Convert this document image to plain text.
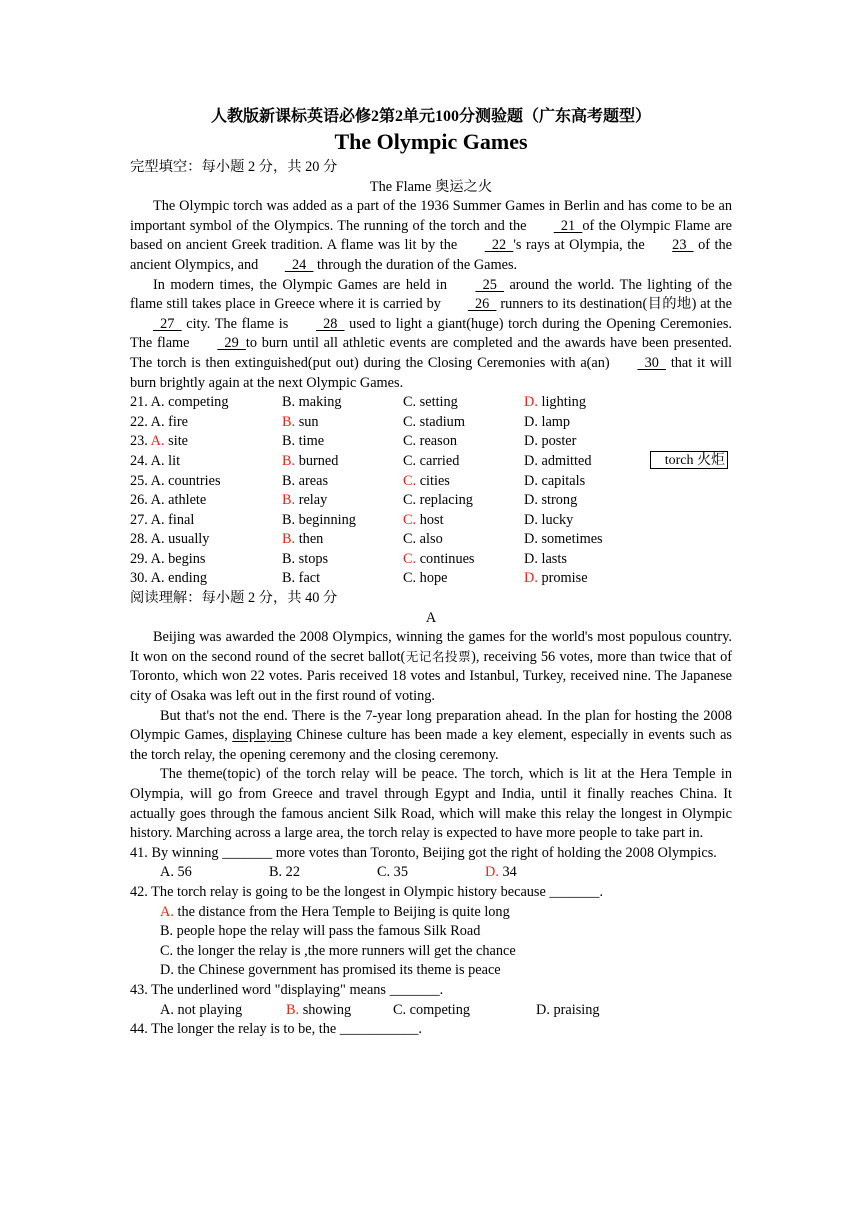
人教版新课标英语必修2第2单元100分测验题（广东高考题型）

The Olympic Games

完型填空：每小题 2 分，共 20 分

The Flame 奥运之火

The Olympic torch was added as a part of the 1936 Summer Games in Berlin and has come to be an important symbol of the Olympics. The running of the torch and the   21  of the Olympic Flame are based on ancient Greek tradition. A flame was lit by the   22  's rays at Olympia, the 23   of the ancient Olympics, and   24   through the duration of the Games.

In modern times, the Olympic Games are held in   25   around the world. The lighting of the flame still takes place in Greece where it is carried by   26   runners to its destination(目的地) at the   27   city. The flame is   28   used to light a giant(huge) torch during the Opening Ceremonies. The flame   29  to burn until all athletic events are completed and the awards have been presented. The torch is then extinguished(put out) during the Closing Ceremonies with a(an)   30   that it will burn brightly again at the next Olympic Games.

21. A. competing	B. making	C. setting	D. lighting
22. A. fire	B. sun	C. stadium	D. lamp
23. A. site	B. time	C. reason	D. poster
24. A. lit	B. burned	C. carried	D. admitted
25. A. countries	B. areas	C. cities	D. capitals
26. A. athlete	B. relay	C. replacing	D. strong
27. A. final	B. beginning	C. host	D. lucky
28. A. usually	B. then	C. also	D. sometimes
29. A. begins	B. stops	C. continues	D. lasts
30. A. ending	B. fact	C. hope	D. promise

阅读理解：每小题 2 分，共 40 分

A

Beijing was awarded the 2008 Olympics, winning the games for the world's most populous country. It won on the second round of the secret ballot(无记名投票), receiving 56 votes, more than twice that of Toronto, which won 22 votes. Paris received 18 votes and Istanbul, Turkey, received nine. The Japanese city of Osaka was left out in the first round of voting.

But that's not the end. There is the 7-year long preparation ahead. In the plan for hosting the 2008 Olympic Games, displaying Chinese culture has been made a key element, especially in events such as the torch relay, the opening ceremony and the closing ceremony.

The theme(topic) of the torch relay will be peace. The torch, which is lit at the Hera Temple in Olympia, will go from Greece and travel through Egypt and India, until it finally reaches China. It actually goes through the famous ancient Silk Road, which will make this relay the longest in Olympic history. Marching across a large area, the torch relay is expected to have more people to take part in.

41. By winning _______ more votes than Toronto, Beijing got the right of holding the 2008 Olympics.

A. 56	B. 22	C. 35	D. 34

42. The torch relay is going to be the longest in Olympic history because _______.

A. the distance from the Hera Temple to Beijing is quite long

B. people hope the relay will pass the famous Silk Road

C. the longer the relay is ,the more runners will get the chance

D. the Chinese government has promised its theme is peace

43. The underlined word "displaying" means _______.

A. not playing	B. showing	C. competing	D. praising

44. The longer the relay is to be, the ___________.

torch 火炬
